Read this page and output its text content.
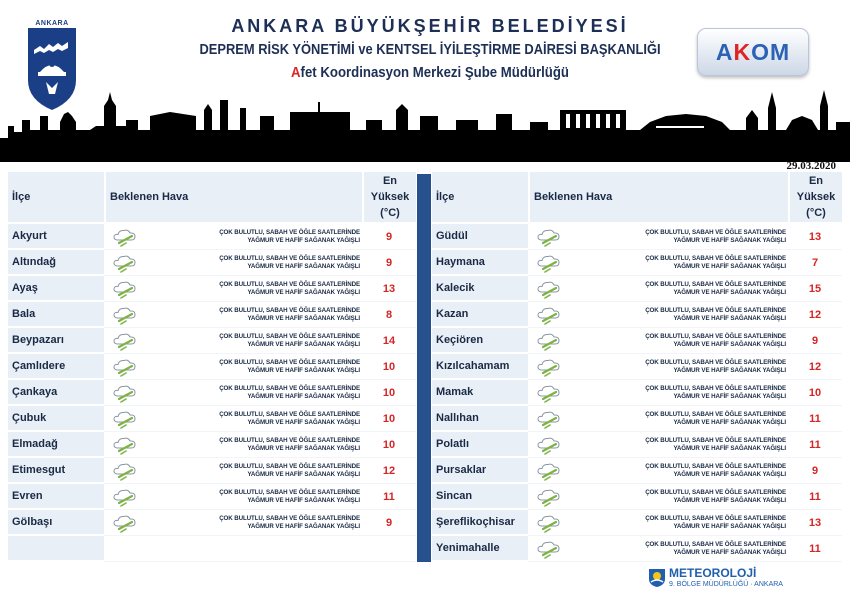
ANKARA	ANKARA BÜYÜKŞEHİR BELEDİYESİ
DEPREM RİSK YÖNETİMİ ve KENTSEL İYİLEŞTİRME DAİRESİ BAŞKANLIĞI
Afet Koordinasyon Merkezi Şube Müdürlüğü
AKOM
29.03.2020
İlçe	Beklenen Hava		En
Yüksek
(°C)
Akyurt		ÇOK BULUTLU, SABAH VE ÖĞLE SAATLERİNDE
YAĞMUR VE HAFİF SAĞANAK YAĞIŞLI	9
Altındağ		ÇOK BULUTLU, SABAH VE ÖĞLE SAATLERİNDE
YAĞMUR VE HAFİF SAĞANAK YAĞIŞLI	9
Ayaş		ÇOK BULUTLU, SABAH VE ÖĞLE SAATLERİNDE
YAĞMUR VE HAFİF SAĞANAK YAĞIŞLI	13
Bala		ÇOK BULUTLU, SABAH VE ÖĞLE SAATLERİNDE
YAĞMUR VE HAFİF SAĞANAK YAĞIŞLI	8
Beypazarı		ÇOK BULUTLU, SABAH VE ÖĞLE SAATLERİNDE
YAĞMUR VE HAFİF SAĞANAK YAĞIŞLI	14
Çamlıdere		ÇOK BULUTLU, SABAH VE ÖĞLE SAATLERİNDE
YAĞMUR VE HAFİF SAĞANAK YAĞIŞLI	10
Çankaya		ÇOK BULUTLU, SABAH VE ÖĞLE SAATLERİNDE
YAĞMUR VE HAFİF SAĞANAK YAĞIŞLI	10
Çubuk		ÇOK BULUTLU, SABAH VE ÖĞLE SAATLERİNDE
YAĞMUR VE HAFİF SAĞANAK YAĞIŞLI	10
Elmadağ		ÇOK BULUTLU, SABAH VE ÖĞLE SAATLERİNDE
YAĞMUR VE HAFİF SAĞANAK YAĞIŞLI	10
Etimesgut		ÇOK BULUTLU, SABAH VE ÖĞLE SAATLERİNDE
YAĞMUR VE HAFİF SAĞANAK YAĞIŞLI	12
Evren		ÇOK BULUTLU, SABAH VE ÖĞLE SAATLERİNDE
YAĞMUR VE HAFİF SAĞANAK YAĞIŞLI	11
Gölbaşı		ÇOK BULUTLU, SABAH VE ÖĞLE SAATLERİNDE
YAĞMUR VE HAFİF SAĞANAK YAĞIŞLI	9

İlçe	Beklenen Hava		En
Yüksek
(°C)
Güdül		ÇOK BULUTLU, SABAH VE ÖĞLE SAATLERİNDE
YAĞMUR VE HAFİF SAĞANAK YAĞIŞLI	13
Haymana		ÇOK BULUTLU, SABAH VE ÖĞLE SAATLERİNDE
YAĞMUR VE HAFİF SAĞANAK YAĞIŞLI	7
Kalecik		ÇOK BULUTLU, SABAH VE ÖĞLE SAATLERİNDE
YAĞMUR VE HAFİF SAĞANAK YAĞIŞLI	15
Kazan		ÇOK BULUTLU, SABAH VE ÖĞLE SAATLERİNDE
YAĞMUR VE HAFİF SAĞANAK YAĞIŞLI	12
Keçiören		ÇOK BULUTLU, SABAH VE ÖĞLE SAATLERİNDE
YAĞMUR VE HAFİF SAĞANAK YAĞIŞLI	9
Kızılcahamam		ÇOK BULUTLU, SABAH VE ÖĞLE SAATLERİNDE
YAĞMUR VE HAFİF SAĞANAK YAĞIŞLI	12
Mamak		ÇOK BULUTLU, SABAH VE ÖĞLE SAATLERİNDE
YAĞMUR VE HAFİF SAĞANAK YAĞIŞLI	10
Nallıhan		ÇOK BULUTLU, SABAH VE ÖĞLE SAATLERİNDE
YAĞMUR VE HAFİF SAĞANAK YAĞIŞLI	11
Polatlı		ÇOK BULUTLU, SABAH VE ÖĞLE SAATLERİNDE
YAĞMUR VE HAFİF SAĞANAK YAĞIŞLI	11
Pursaklar		ÇOK BULUTLU, SABAH VE ÖĞLE SAATLERİNDE
YAĞMUR VE HAFİF SAĞANAK YAĞIŞLI	9
Sincan		ÇOK BULUTLU, SABAH VE ÖĞLE SAATLERİNDE
YAĞMUR VE HAFİF SAĞANAK YAĞIŞLI	11
Şereflikoçhisar		ÇOK BULUTLU, SABAH VE ÖĞLE SAATLERİNDE
YAĞMUR VE HAFİF SAĞANAK YAĞIŞLI	13
Yenimahalle		ÇOK BULUTLU, SABAH VE ÖĞLE SAATLERİNDE
YAĞMUR VE HAFİF SAĞANAK YAĞIŞLI	11
METEOROLOJİ
9. BÖLGE MÜDÜRLÜĞÜ · ANKARA
